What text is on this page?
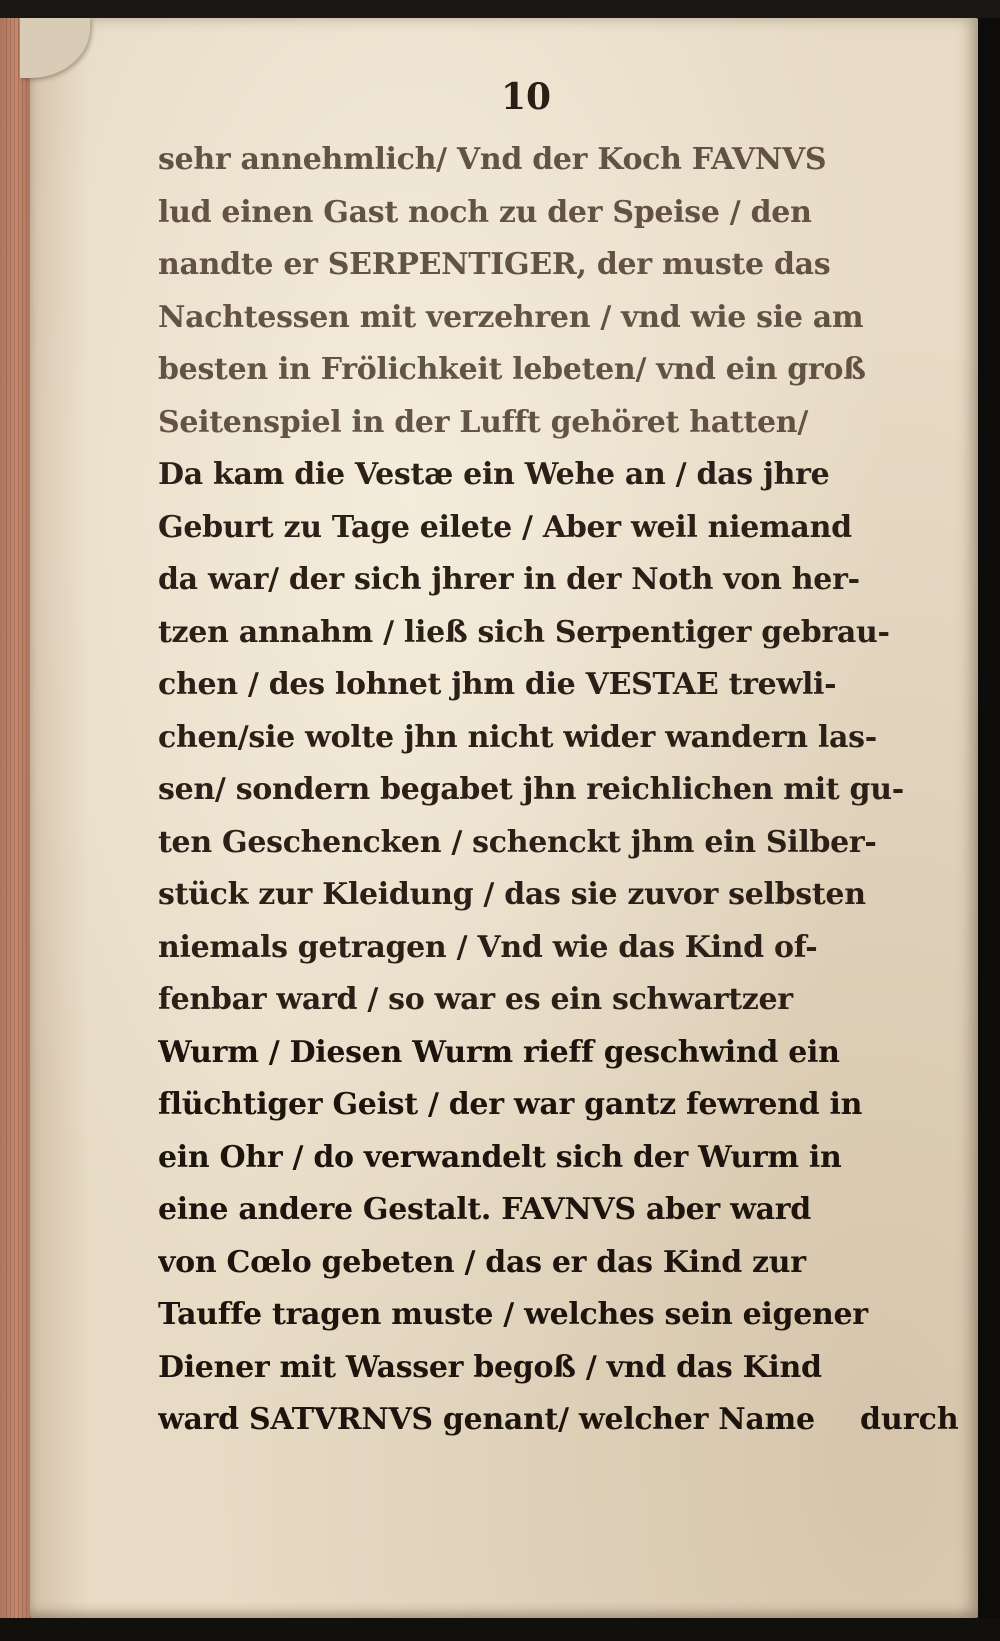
10
sehr annehmlich/ Vnd der Koch FAVNVS
lud einen Gast noch zu der Speise / den
nandte er SERPENTIGER, der muste das
Nachtessen mit verzehren / vnd wie sie am
besten in Frölichkeit lebeten/ vnd ein groß
Seitenspiel in der Lufft gehöret hatten/
Da kam die Vestæ ein Wehe an / das jhre
Geburt zu Tage eilete / Aber weil niemand
da war/ der sich jhrer in der Noth von her-
tzen annahm / ließ sich Serpentiger gebrau-
chen / des lohnet jhm die VESTAE trewli-
chen/sie wolte jhn nicht wider wandern las-
sen/ sondern begabet jhn reichlichen mit gu-
ten Geschencken / schenckt jhm ein Silber-
stück zur Kleidung / das sie zuvor selbsten
niemals getragen / Vnd wie das Kind of-
fenbar ward / so war es ein schwartzer
Wurm / Diesen Wurm rieff geschwind ein
flüchtiger Geist / der war gantz fewrend in
ein Ohr / do verwandelt sich der Wurm in
eine andere Gestalt. FAVNVS aber ward
von Cœlo gebeten / das er das Kind zur
Tauffe tragen muste / welches sein eigener
Diener mit Wasser begoß / vnd das Kind
ward SATVRNVS genant/ welcher Name	durch
